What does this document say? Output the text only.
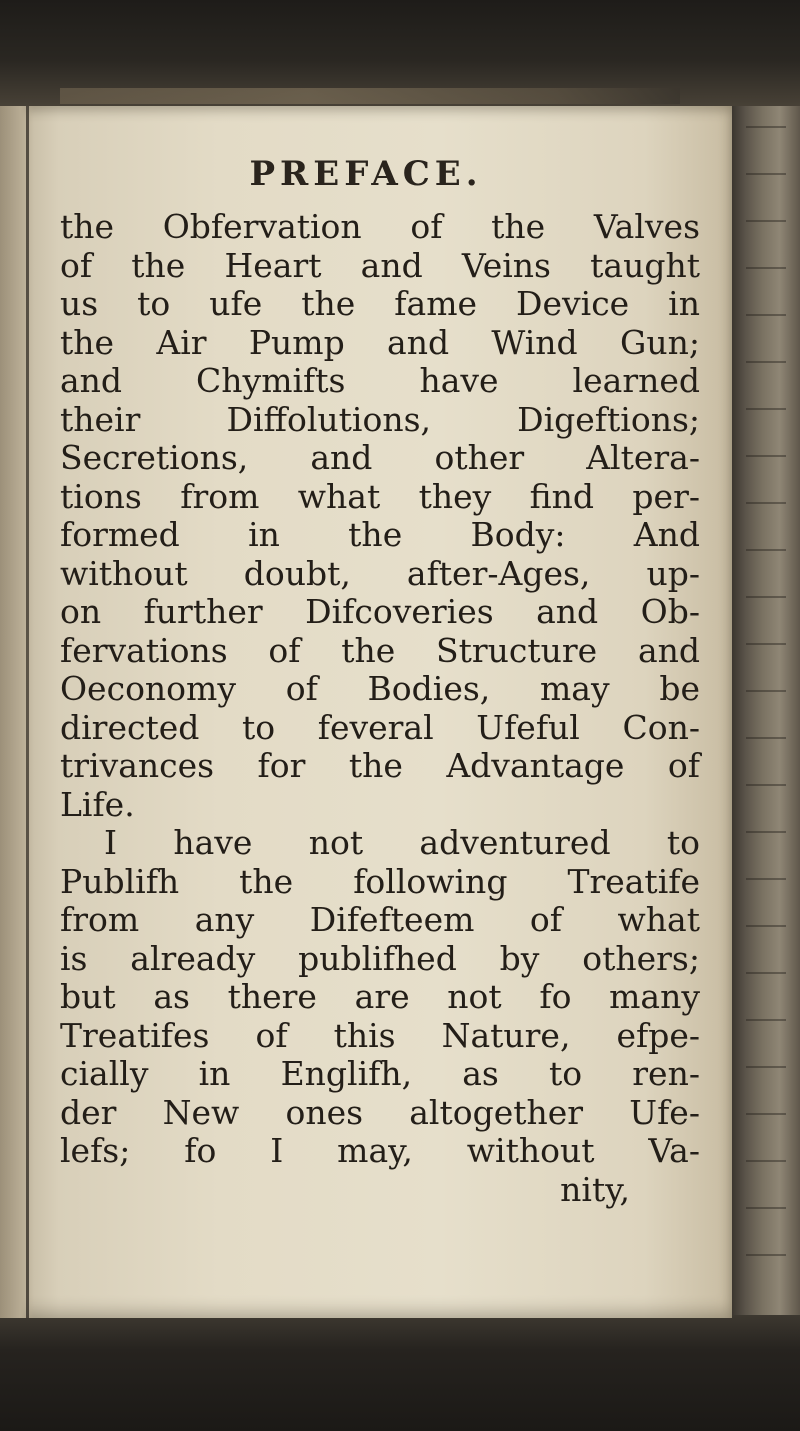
PREFACE.
the Obfervation of the Valves
of the Heart and Veins taught
us to ufe the fame Device in
the Air Pump and Wind Gun;
and Chymifts have learned
their Diffolutions, Digeftions;
Secretions, and other Altera-
tions from what they find per-
formed in the Body: And
without doubt, after-Ages, up-
on further Difcoveries and Ob-
fervations of the Structure and
Oeconomy of Bodies, may be
directed to feveral Ufeful Con-
trivances for the Advantage of
Life.
I have not adventured to
Publifh the following Treatife
from any Difefteem of what
is already publifhed by others;
but as there are not fo many
Treatifes of this Nature, efpe-
cially in Englifh, as to ren-
der New ones altogether Ufe-
lefs; fo I may, without Va-
nity,
